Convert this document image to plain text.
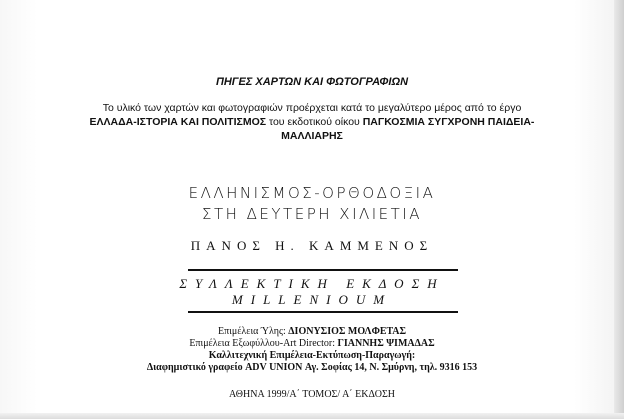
ΠΗΓΕΣ ΧΑΡΤΩΝ ΚΑΙ ΦΩΤΟΓΡΑΦΙΩΝ
Το υλικό των χαρτών και φωτογραφιών προέρχεται κατά το μεγαλύτερο μέρος από το έργο
ΕΛΛΑΔΑ-ΙΣΤΟΡΙΑ ΚΑΙ ΠΟΛΙΤΙΣΜΟΣ του εκδοτικού οίκου ΠΑΓΚΟΣΜΙΑ ΣΥΓΧΡΟΝΗ ΠΑΙΔΕΙΑ-ΜΑΛΛΙΑΡΗΣ
ΕΛΛΗΝΙΣΜΟΣ-ΟΡΘΟΔΟΞΙΑ
ΣΤΗ ΔΕΥΤΕΡΗ ΧΙΛΙΕΤΙΑ
ΠΑΝΟΣ Η. ΚΑΜΜΕΝΟΣ
ΣΥΛΛΕΚΤΙΚΗ ΕΚΔΟΣΗ
MILLENIOUM
Επιμέλεια Ύλης: ΔΙΟΝΥΣΙΟΣ ΜΟΛΦΕΤΑΣ
Επιμέλεια Εξωφύλλου-Art Director: ΓΙΑΝΝΗΣ ΨΙΜΑΔΑΣ
Καλλιτεχνική Επιμέλεια-Εκτύπωση-Παραγωγή:
Διαφημιστικό γραφείο ADV UNION Αγ. Σοφίας 14, Ν. Σμύρνη, τηλ. 9316 153
ΑΘΗΝΑ 1999/Α΄ ΤΟΜΟΣ/ Α΄ ΕΚΔΟΣΗ
